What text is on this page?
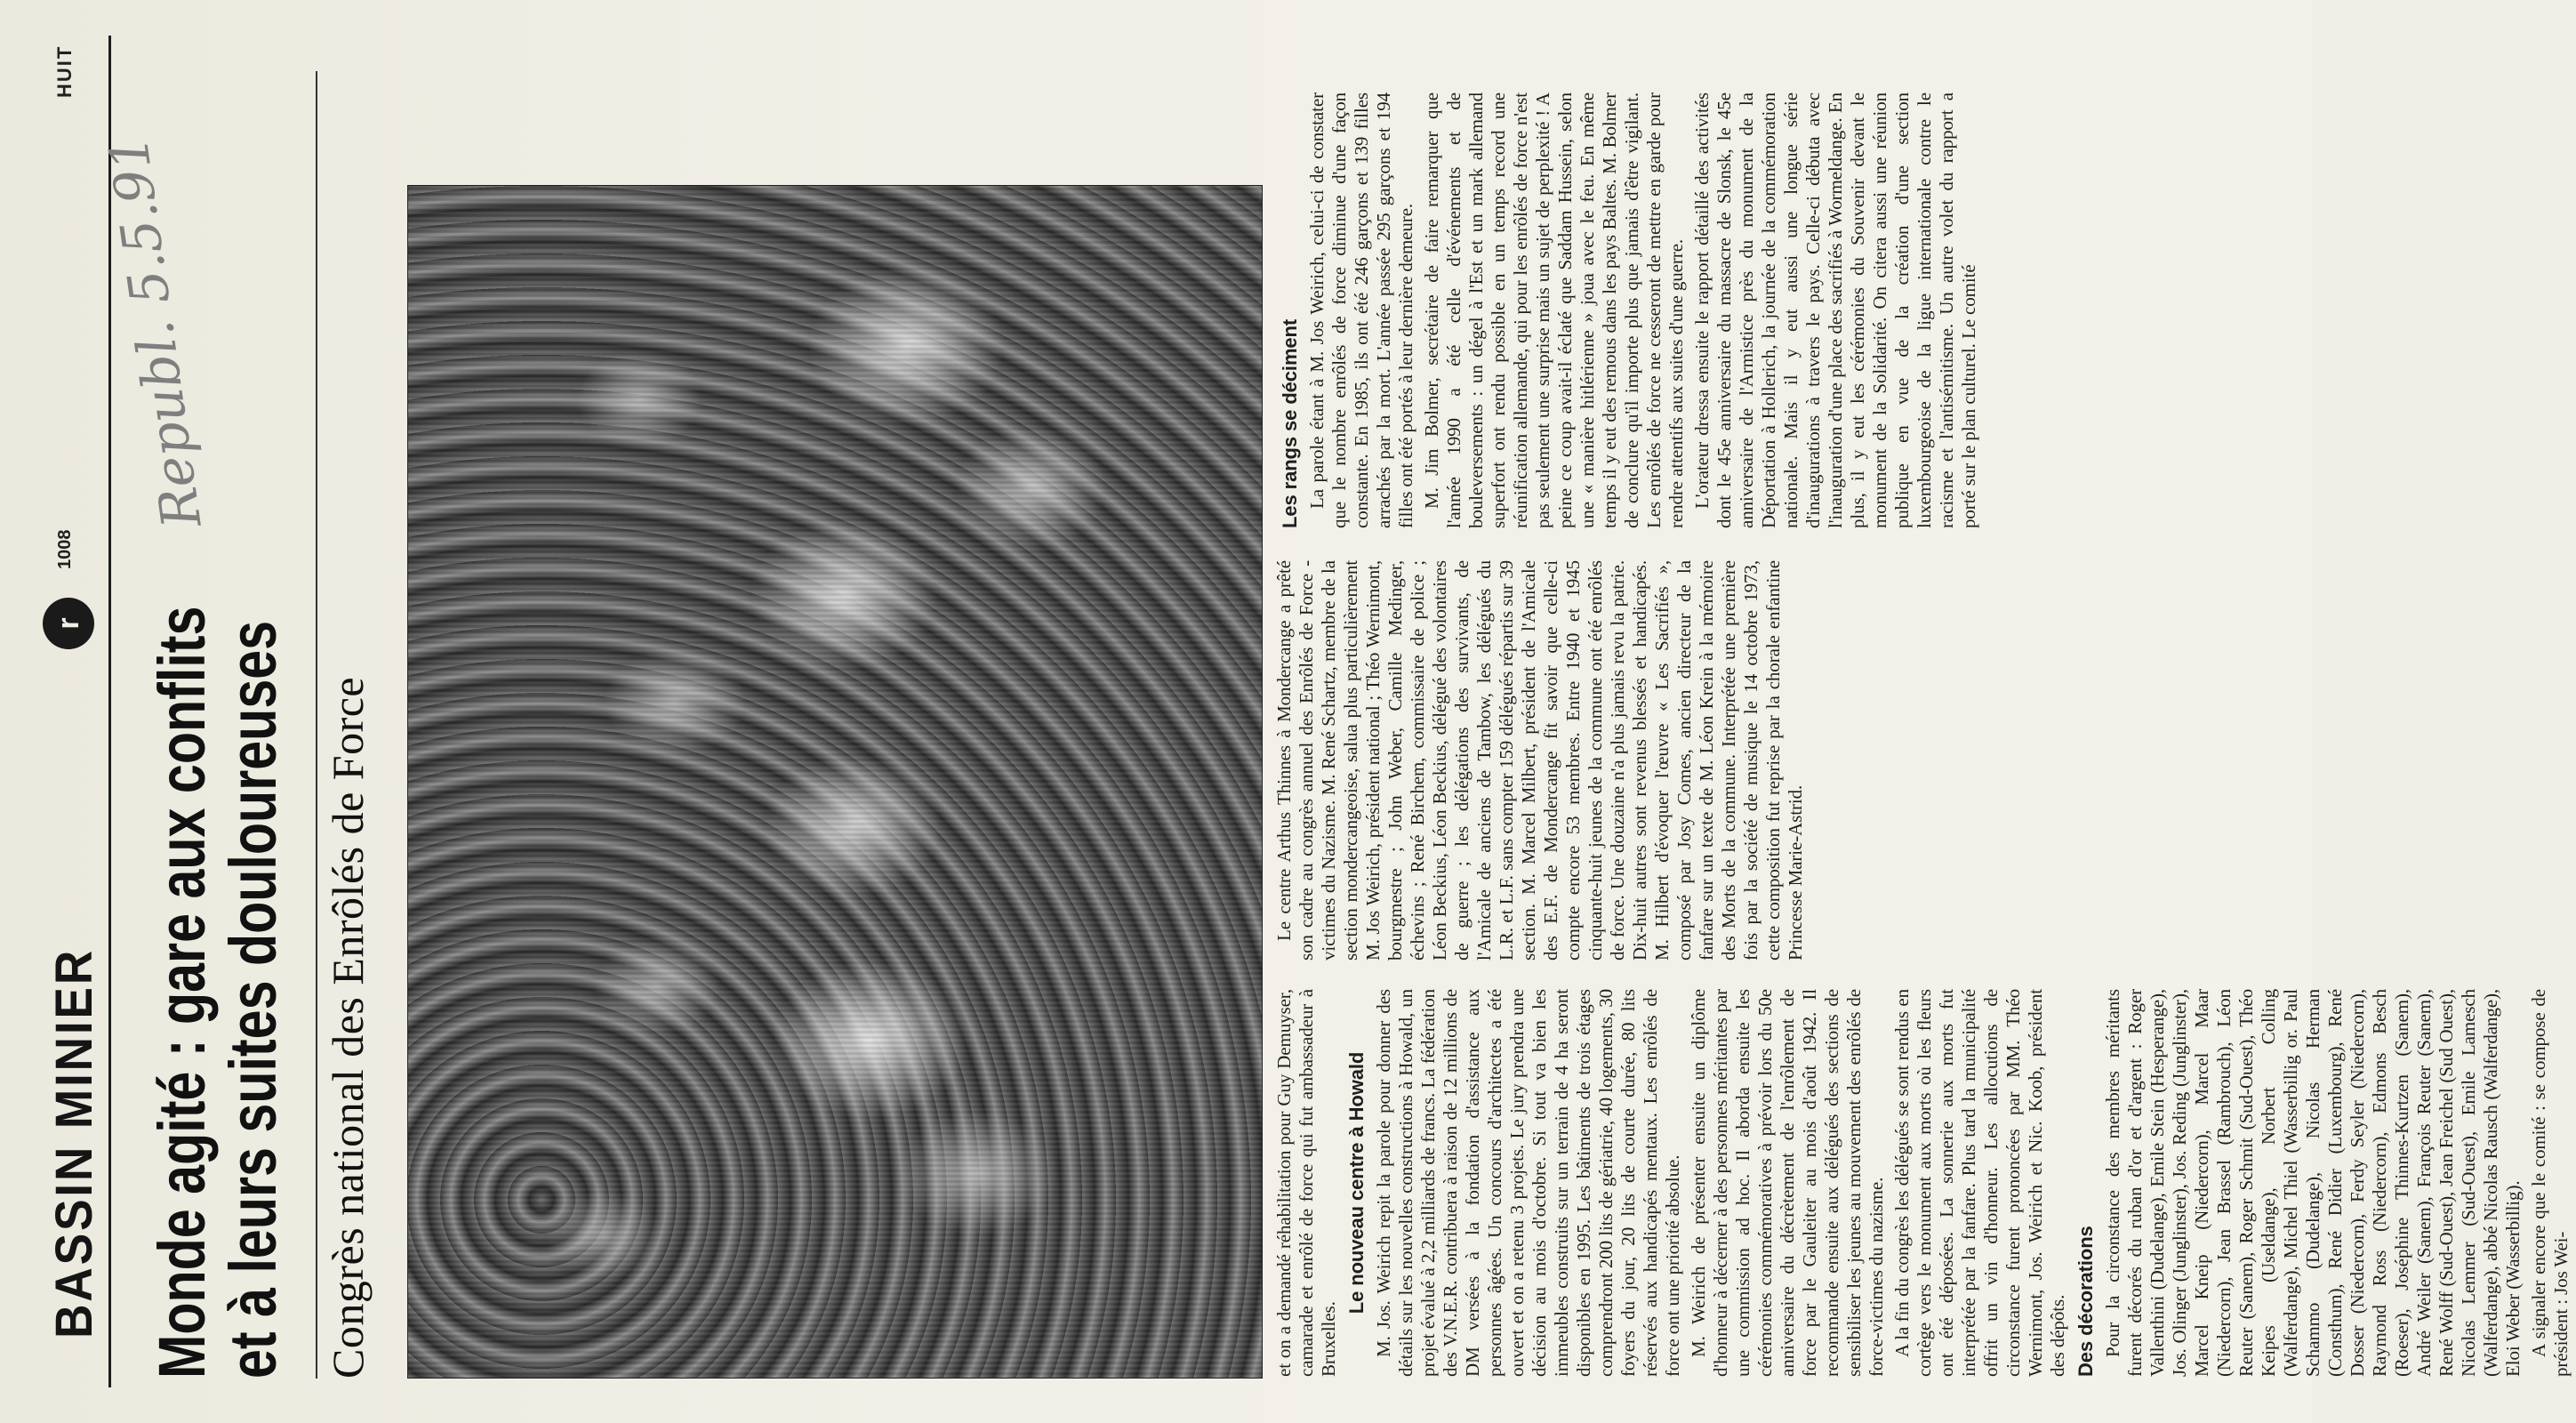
BASSIN MINIER
r
1008
HUIT
Republ. 5.5.91
Monde agité : gare aux conflits
et à leurs suites douloureuses Congrès national des Enrôlés de Force	et on a demandé réhabilitation pour Guy Demuyser, camarade et enrôlé de force qui fut ambassadeur à Bruxelles.

Le nouveau centre à Howald M. Jos. Weirich repit la parole pour donner des détails sur les nouvelles constructions à Howald, un projet évalué à 2,2 milliards de francs. La fédération des V.N.E.R. contribuera à raison de 12 millions de DM versées à la fondation d'assistance aux personnes âgées. Un concours d'architectes a été ouvert et on a retenu 3 projets. Le jury prendra une décision au mois d'octobre. Si tout va bien les immeubles construits sur un terrain de 4 ha seront disponibles en 1995. Les bâtiments de trois étages comprendront 200 lits de gériatrie, 40 logements, 30 foyers du jour, 20 lits de courte durée, 80 lits réservés aux handicapés mentaux. Les enrôlés de force ont une priorité absolue. M. Weirich de présenter ensuite un diplôme d'honneur à décerner à des personnes méritantes par une commission ad hoc. Il aborda ensuite les cérémonies commémoratives à prévoir lors du 50e anniversaire du décrètement de l'enrôlement de force par le Gauleiter au mois d'août 1942. Il recommande ensuite aux délégués des sections de sensibiliser les jeunes au mouvement des enrôlés de force-victimes du nazisme. A la fin du congrès les délégués se sont rendus en cortège vers le monument aux morts où les fleurs ont été déposées. La sonnerie aux morts fut interprétée par la fanfare. Plus tard la municipalité offrit un vin d'honneur. Les allocutions de circonstance furent prononcées par MM. Théo Wernimont, Jos. Weirich et Nic. Koob, président des dépôts. Des décorations Pour la circonstance des membres méritants furent décorés du ruban d'or et d'argent : Roger Vallenthini (Dudelange), Emile Stein (Hesperange), Jos. Olinger (Junglinster), Jos. Reding (Junglinster), Marcel Kneip (Niedercorn), Marcel Maar (Niedercorn), Jean Brassel (Rambrouch), Léon Reuter (Sanem), Roger Schmit (Sud-Ouest), Théo Keipes (Useldange), Norbert Colling (Walferdange), Michel Thiel (Wasserbillig or. Paul Schammo (Dudelange), Nicolas Herman (Consthum), René Didier (Luxembourg), René Dosser (Niedercorn), Ferdy Seyler (Niedercorn), Raymond Ross (Niedercorn), Edmons Besch (Roeser), Joséphine Thinnes-Kurtzen (Sanem), André Weiler (Sanem), François Reuter (Sanem), René Wolff (Sud-Ouest), Jean Freichel (Sud Ouest), Nicolas Lemmer (Sud-Ouest), Emile Lamesch (Walferdange), abbé Nicolas Rausch (Walferdange), Eloi Weber (Wasserbillig). A signaler encore que le comité : se compose de président : Jos Wei-

Le centre Arthus Thinnes à Mondercange a prêté son cadre au congrès annuel des Enrôlés de Force - victimes du Nazisme. M. René Schartz, membre de la section mondercangeoise, salua plus particulièrement M. Jos Weirich, président national ; Théo Wernimont, bourgmestre ; John Weber, Camille Medinger, échevins ; René Birchem, commissaire de police ; Léon Beckius, Léon Beckius, délégué des volontaires de guerre ; les délégations des survivants, de l'Amicale de anciens de Tambow, les délégués du L.R. et L.F. sans compter 159 délégués répartis sur 39 section. M. Marcel Milbert, président de l'Amicale des E.F. de Mondercange fit savoir que celle-ci compte encore 53 membres. Entre 1940 et 1945 cinquante-huit jeunes de la commune ont été enrôlés de force. Une douzaine n'a plus jamais revu la patrie. Dix-huit autres sont revenus blessés et handicapés. M. Hilbert d'évoquer l'œuvre « Les Sacrifiés », composé par Josy Comes, ancien directeur de la fanfare sur un texte de M. Léon Krein à la mémoire des Morts de la commune. Interprétée une première fois par la société de musique le 14 octobre 1973, cette composition fut reprise par la chorale enfantine Princesse Marie-Astrid.

Les rangs se déciment La parole étant à M. Jos Weirich, celui-ci de constater que le nombre enrôlés de force diminue d'une façon constante. En 1985, ils ont été 246 garçons et 139 filles arrachés par la mort. L'année passée 295 garçons et 194 filles ont été portés à leur dernière demeure. M. Jim Bolmer, secrétaire de faire remarquer que l'année 1990 a été celle d'événements et de bouleversements : un dégel à l'Est et un mark allemand superfort ont rendu possible en un temps record une réunification allemande, qui pour les enrôlés de force n'est pas seulement une surprise mais un sujet de perplexité ! A peine ce coup avait-il éclaté que Saddam Hussein, selon une « manière hitlérienne » joua avec le feu. En même temps il y eut des remous dans les pays Baltes. M. Bolmer de conclure qu'il importe plus que jamais d'être vigilant. Les enrôlés de force ne cesseront de mettre en garde pour rendre attentifs aux suites d'une guerre. L'orateur dressa ensuite le rapport détaillé des activités dont le 45e anniversaire du massacre de Slonsk, le 45e anniversaire de l'Armistice près du monument de la Déportation à Hollerich, la journée de la commémoration nationale. Mais il y eut aussi une longue série d'inaugurations à travers le pays. Celle-ci débuta avec l'inauguration d'une place des sacrifiés à Wormeldange. En plus, il y eut les cérémonies du Souvenir devant le monument de la Solidarité. On citera aussi une réunion publique en vue de la création d'une section luxembourgeoise de la ligue internationale contre le racisme et l'antisémitisme. Un autre volet du rapport a porté sur le plan culturel. Le comité
